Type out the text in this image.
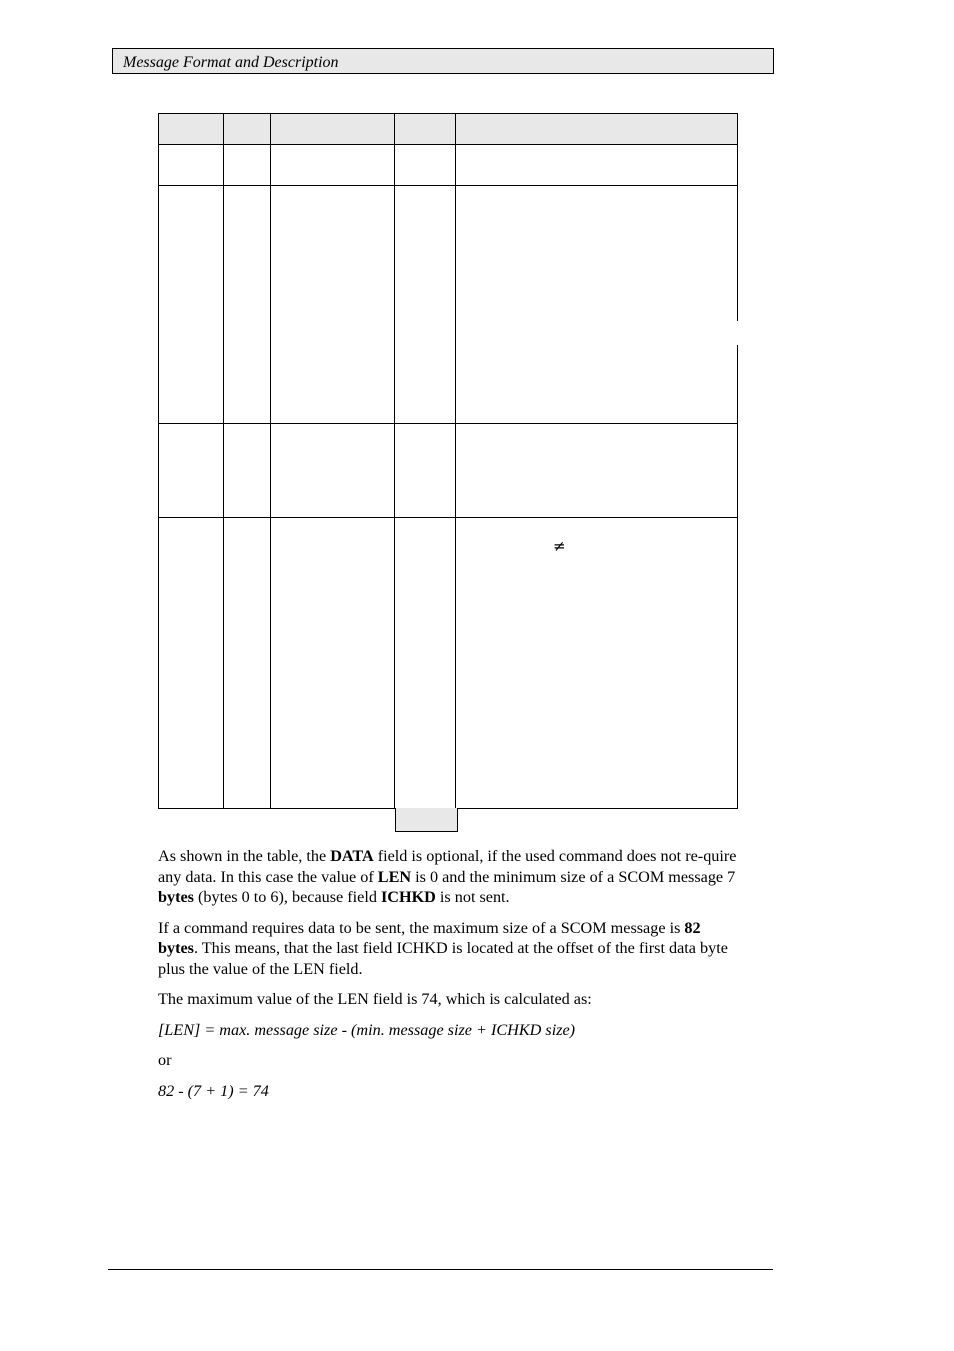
Message Format and Description

≠

As shown in the table, the DATA field is optional, if the used command does not re-quire any data. In this case the value of LEN is 0 and the minimum size of a SCOM message 7 bytes (bytes 0 to 6), because field ICHKD is not sent.

If a command requires data to be sent, the maximum size of a SCOM message is 82 bytes. This means, that the last field ICHKD is located at the offset of the first data byte plus the value of the LEN field.

The maximum value of the LEN field is 74, which is calculated as:

[LEN] = max. message size - (min. message size + ICHKD size)

or

82 - (7 + 1) = 74
